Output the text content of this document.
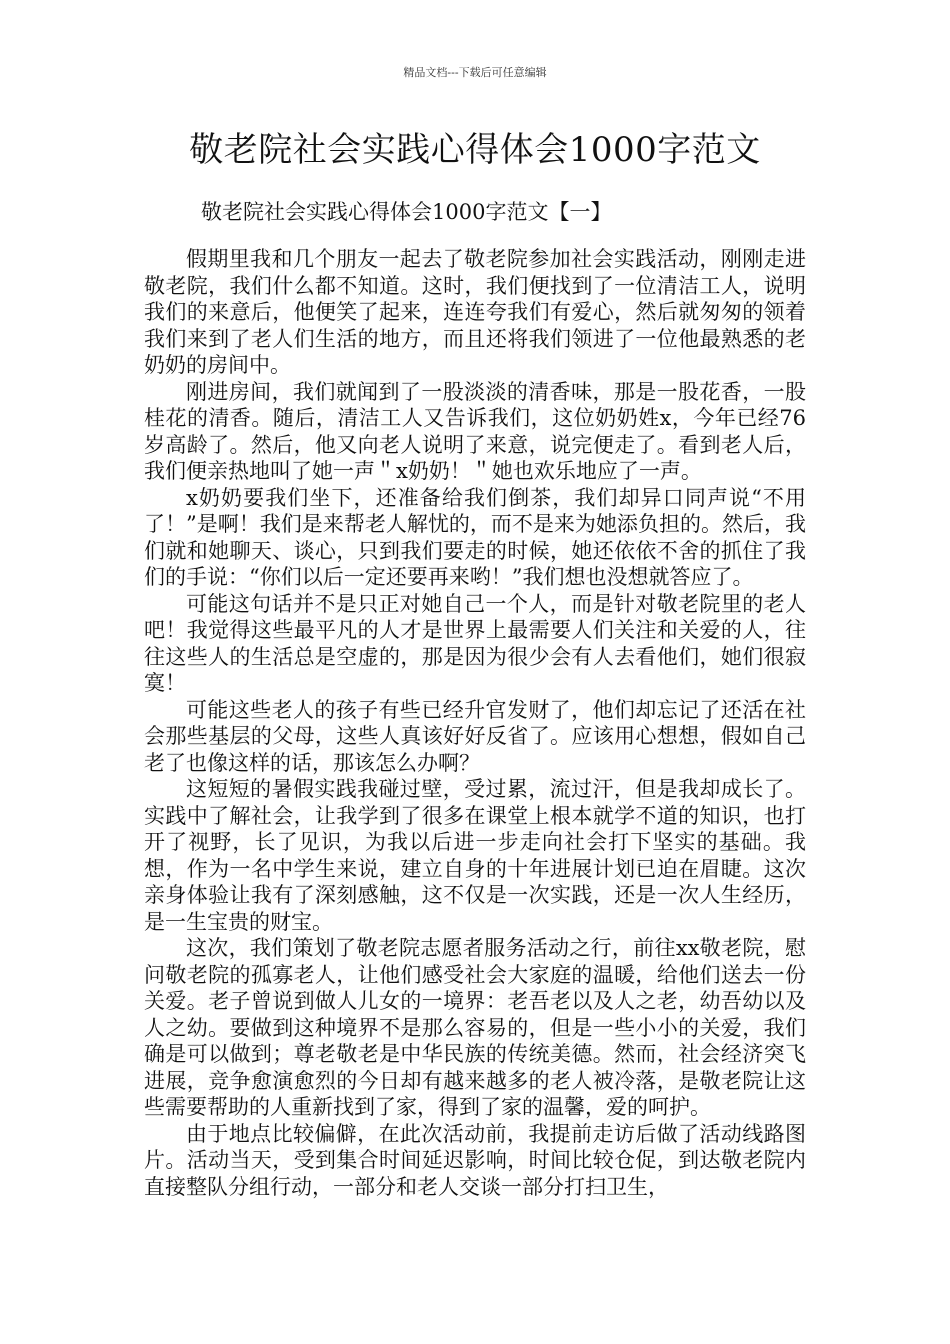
精品文档---下载后可任意编辑
敬老院社会实践心得体会1000字范文
敬老院社会实践心得体会1000字范文【一】

假期里我和几个朋友一起去了敬老院参加社会实践活动，刚刚走进敬老院，我们什么都不知道。这时，我们便找到了一位清洁工人，说明我们的来意后，他便笑了起来，连连夸我们有爱心，然后就匆匆的领着我们来到了老人们生活的地方，而且还将我们领进了一位他最熟悉的老奶奶的房间中。

刚进房间，我们就闻到了一股淡淡的清香味，那是一股花香，一股桂花的清香。随后，清洁工人又告诉我们，这位奶奶姓x，今年已经76岁高龄了。然后，他又向老人说明了来意，说完便走了。看到老人后，我们便亲热地叫了她一声＂x奶奶！＂她也欢乐地应了一声。

x奶奶要我们坐下，还准备给我们倒茶，我们却异口同声说“不用了！”是啊！我们是来帮老人解忧的，而不是来为她添负担的。然后，我们就和她聊天、谈心，只到我们要走的时候，她还依依不舍的抓住了我们的手说：“你们以后一定还要再来哟！”我们想也没想就答应了。

可能这句话并不是只正对她自己一个人，而是针对敬老院里的老人吧！我觉得这些最平凡的人才是世界上最需要人们关注和关爱的人，往往这些人的生活总是空虚的，那是因为很少会有人去看他们，她们很寂寞！

可能这些老人的孩子有些已经升官发财了，他们却忘记了还活在社会那些基层的父母，这些人真该好好反省了。应该用心想想，假如自己老了也像这样的话，那该怎么办啊？

这短短的暑假实践我碰过壁，受过累，流过汗，但是我却成长了。实践中了解社会，让我学到了很多在课堂上根本就学不道的知识，也打开了视野，长了见识，为我以后进一步走向社会打下坚实的基础。我想，作为一名中学生来说，建立自身的十年进展计划已迫在眉睫。这次亲身体验让我有了深刻感触，这不仅是一次实践，还是一次人生经历，是一生宝贵的财宝。

这次，我们策划了敬老院志愿者服务活动之行，前往xx敬老院，慰问敬老院的孤寡老人，让他们感受社会大家庭的温暖，给他们送去一份关爱。老子曾说到做人儿女的一境界：老吾老以及人之老，幼吾幼以及人之幼。要做到这种境界不是那么容易的，但是一些小小的关爱，我们确是可以做到；尊老敬老是中华民族的传统美德。然而，社会经济突飞进展，竞争愈演愈烈的今日却有越来越多的老人被冷落，是敬老院让这些需要帮助的人重新找到了家，得到了家的温馨，爱的呵护。

由于地点比较偏僻，在此次活动前，我提前走访后做了活动线路图片。活动当天，受到集合时间延迟影响，时间比较仓促，到达敬老院内直接整队分组行动，一部分和老人交谈一部分打扫卫生，
